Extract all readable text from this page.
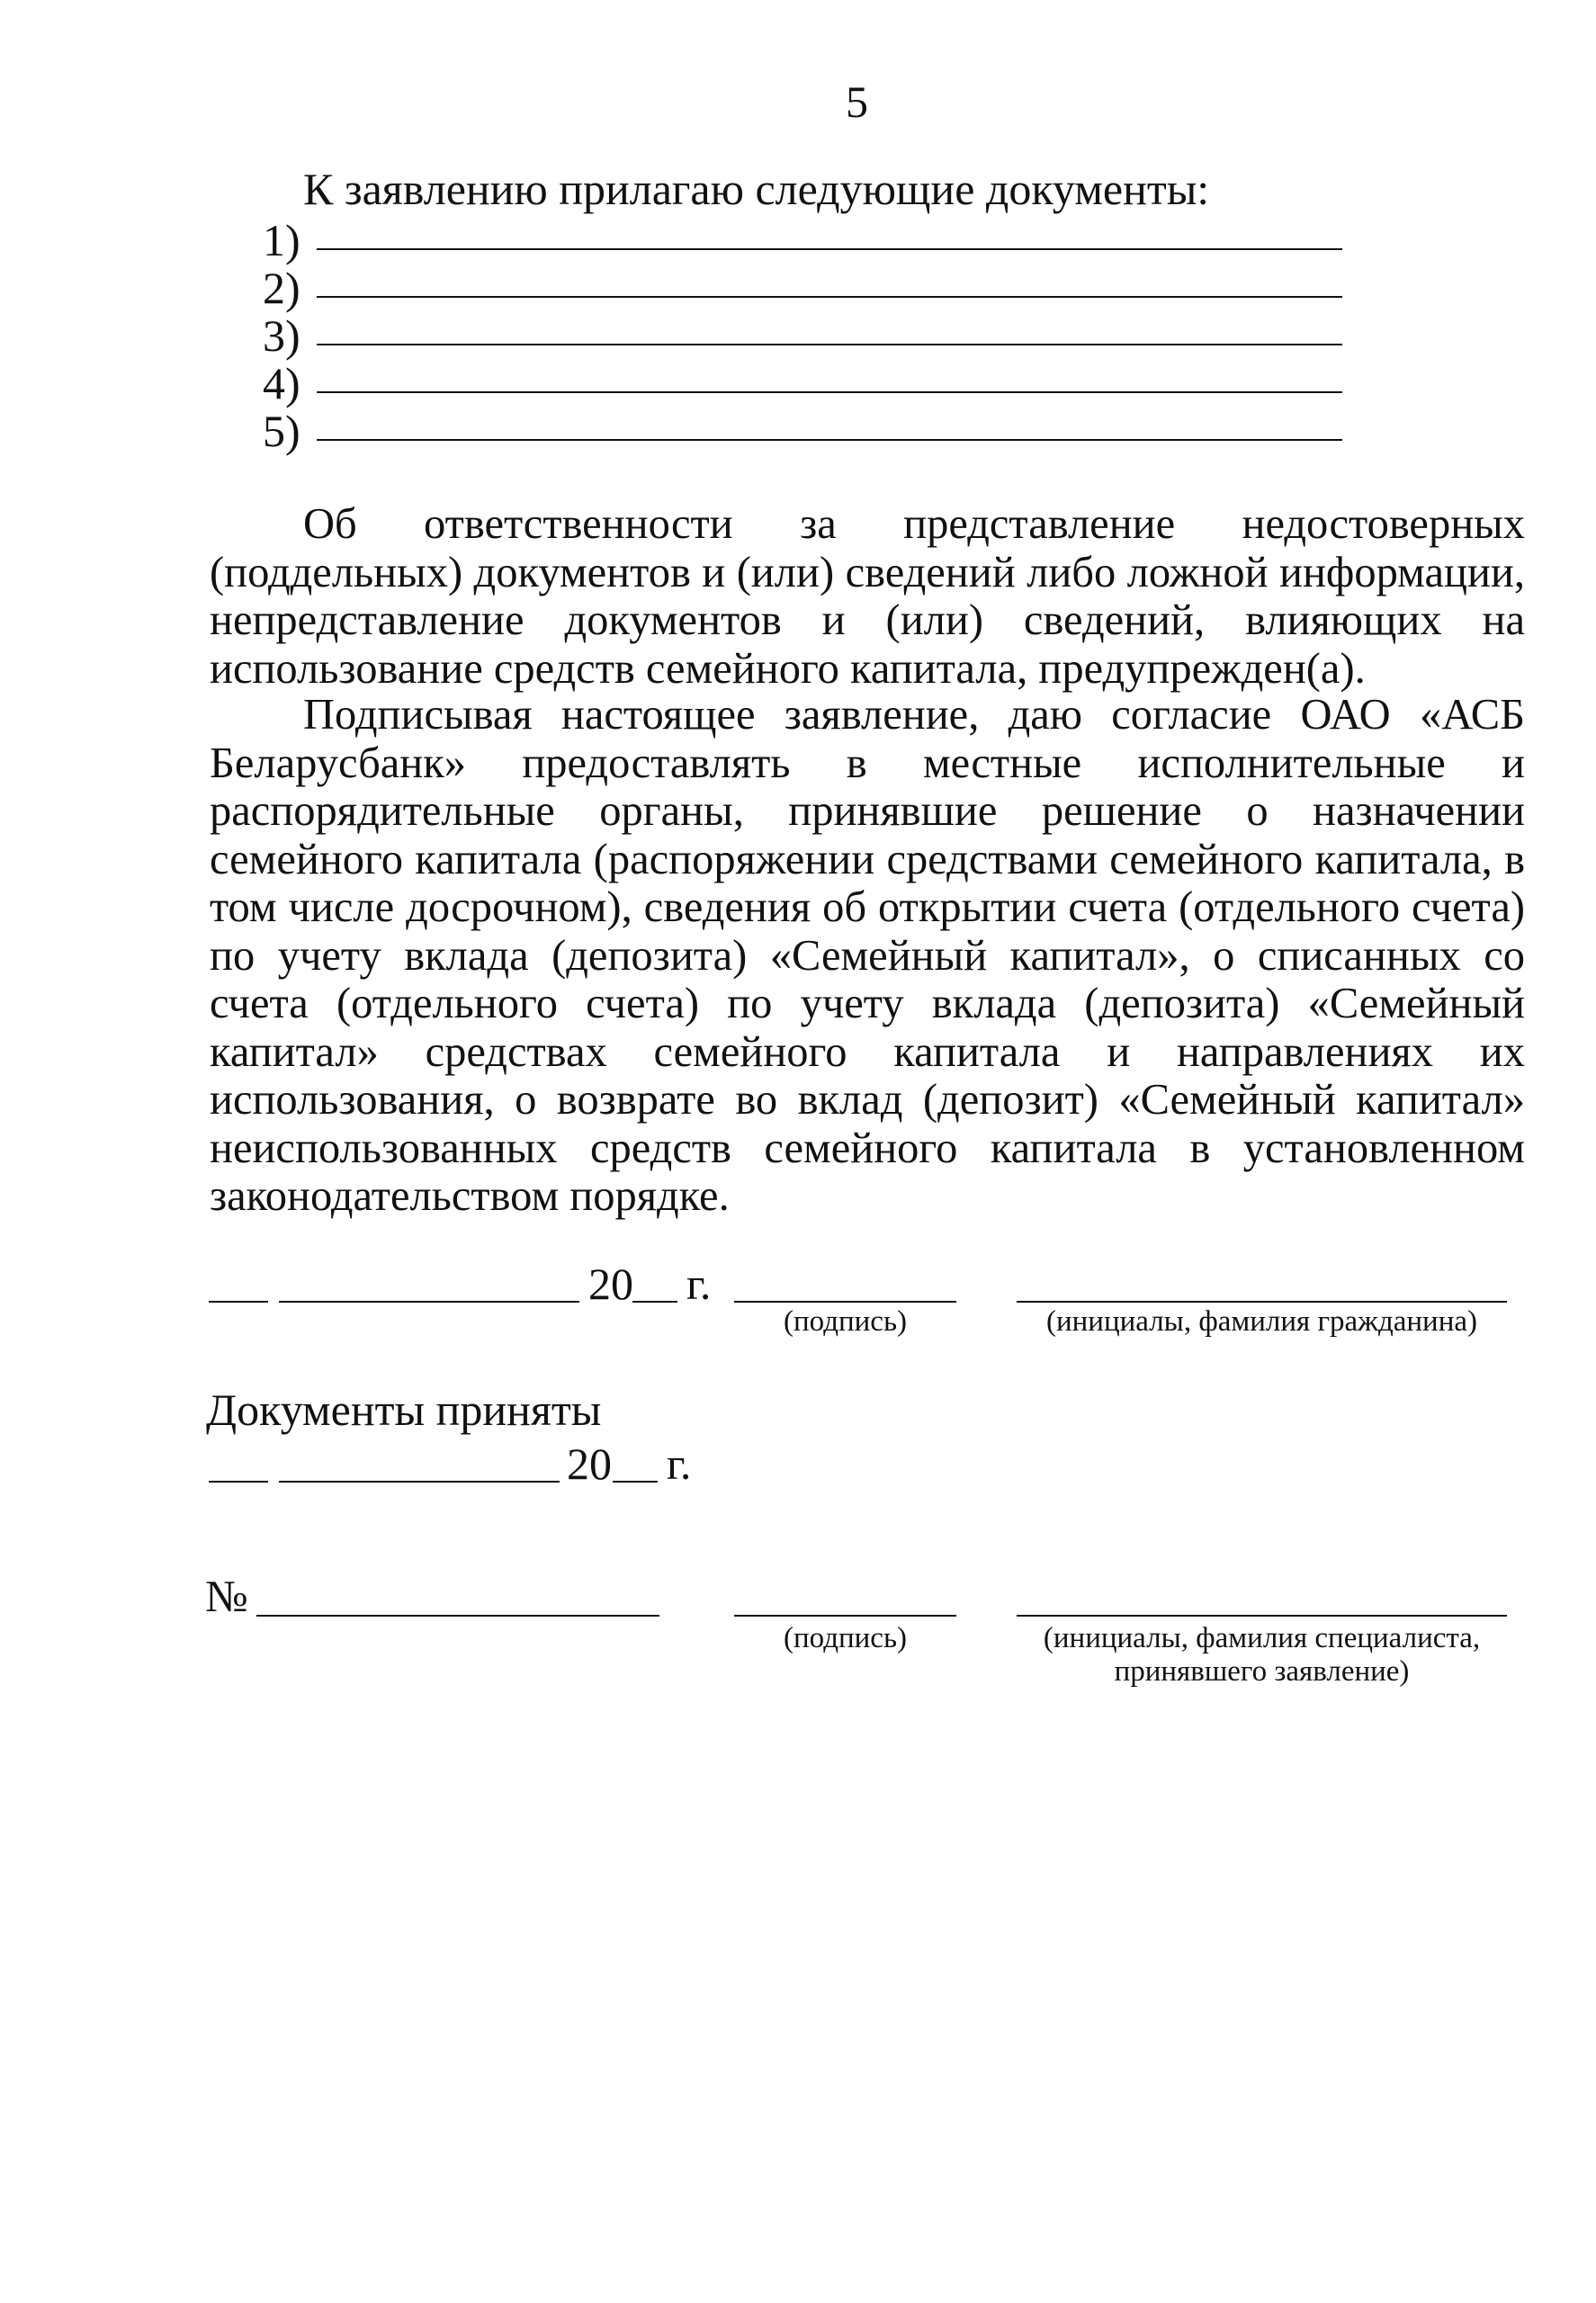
5
К заявлению прилагаю следующие документы:
1)
2)
3)
4)
5)
Об ответственности за представление недостоверных (поддельных) документов и (или) сведений либо ложной информации, непредставление документов и (или) сведений, влияющих на использование средств семейного капитала, предупрежден(а).
Подписывая настоящее заявление, даю согласие ОАО «АСБ Беларусбанк» предоставлять в местные исполнительные и распорядительные органы, принявшие решение о назначении семейного капитала (распоряжении средствами семейного капитала, в том числе досрочном), сведения об открытии счета (отдельного счета) по учету вклада (депозита) «Семейный капитал», о списанных со счета (отдельного счета) по учету вклада (депозита) «Семейный капитал» средствах семейного капитала и направлениях их использования, о возврате во вклад (депозит) «Семейный капитал» неиспользованных средств семейного капитала в установленном законодательством порядке.
20 г.
(подпись)	(инициалы, фамилия гражданина)
Документы приняты
20 г.
№
(подпись)	(инициалы, фамилия специалиста,
принявшего заявление)
